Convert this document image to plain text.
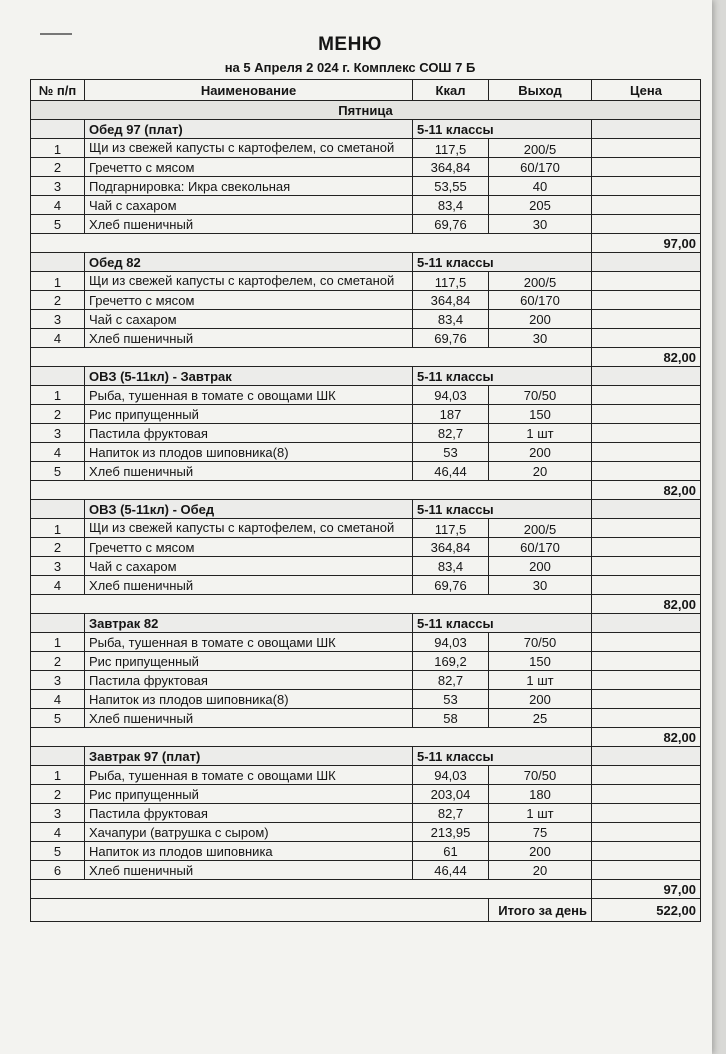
МЕНЮ
на 5 Апреля 2 024 г. Комплекс СОШ 7 Б
№ п/п	Наименование	Ккал	Выход	Цена
Пятница				
	Обед 97 (плат)	5-11 классы		
1	Щи из свежей капусты с картофелем, со сметаной	117,5	200/5	
2	Гречетто с мясом	364,84	60/170	
3	Подгарнировка: Икра свекольная	53,55	40	
4	Чай с сахаром	83,4	205	
5	Хлеб пшеничный	69,76	30	
				97,00
	Обед 82	5-11 классы		
1	Щи из свежей капусты с картофелем, со сметаной	117,5	200/5	
2	Гречетто с мясом	364,84	60/170	
3	Чай с сахаром	83,4	200	
4	Хлеб пшеничный	69,76	30	
				82,00
	ОВЗ (5-11кл) - Завтрак	5-11 классы		
1	Рыба, тушенная в томате с овощами ШК	94,03	70/50	
2	Рис припущенный	187	150	
3	Пастила фруктовая	82,7	1 шт	
4	Напиток из плодов шиповника(8)	53	200	
5	Хлеб пшеничный	46,44	20	
				82,00
	ОВЗ (5-11кл) - Обед	5-11 классы		
1	Щи из свежей капусты с картофелем, со сметаной	117,5	200/5	
2	Гречетто с мясом	364,84	60/170	
3	Чай с сахаром	83,4	200	
4	Хлеб пшеничный	69,76	30	
				82,00
	Завтрак 82	5-11 классы		
1	Рыба, тушенная в томате с овощами ШК	94,03	70/50	
2	Рис припущенный	169,2	150	
3	Пастила фруктовая	82,7	1 шт	
4	Напиток из плодов шиповника(8)	53	200	
5	Хлеб пшеничный	58	25	
				82,00
	Завтрак 97 (плат)	5-11 классы		
1	Рыба, тушенная в томате с овощами ШК	94,03	70/50	
2	Рис припущенный	203,04	180	
3	Пастила фруктовая	82,7	1 шт	
4	Хачапури (ватрушка с сыром)	213,95	75	
5	Напиток из плодов шиповника	61	200	
6	Хлеб пшеничный	46,44	20	
				97,00
			Итого за день	522,00
